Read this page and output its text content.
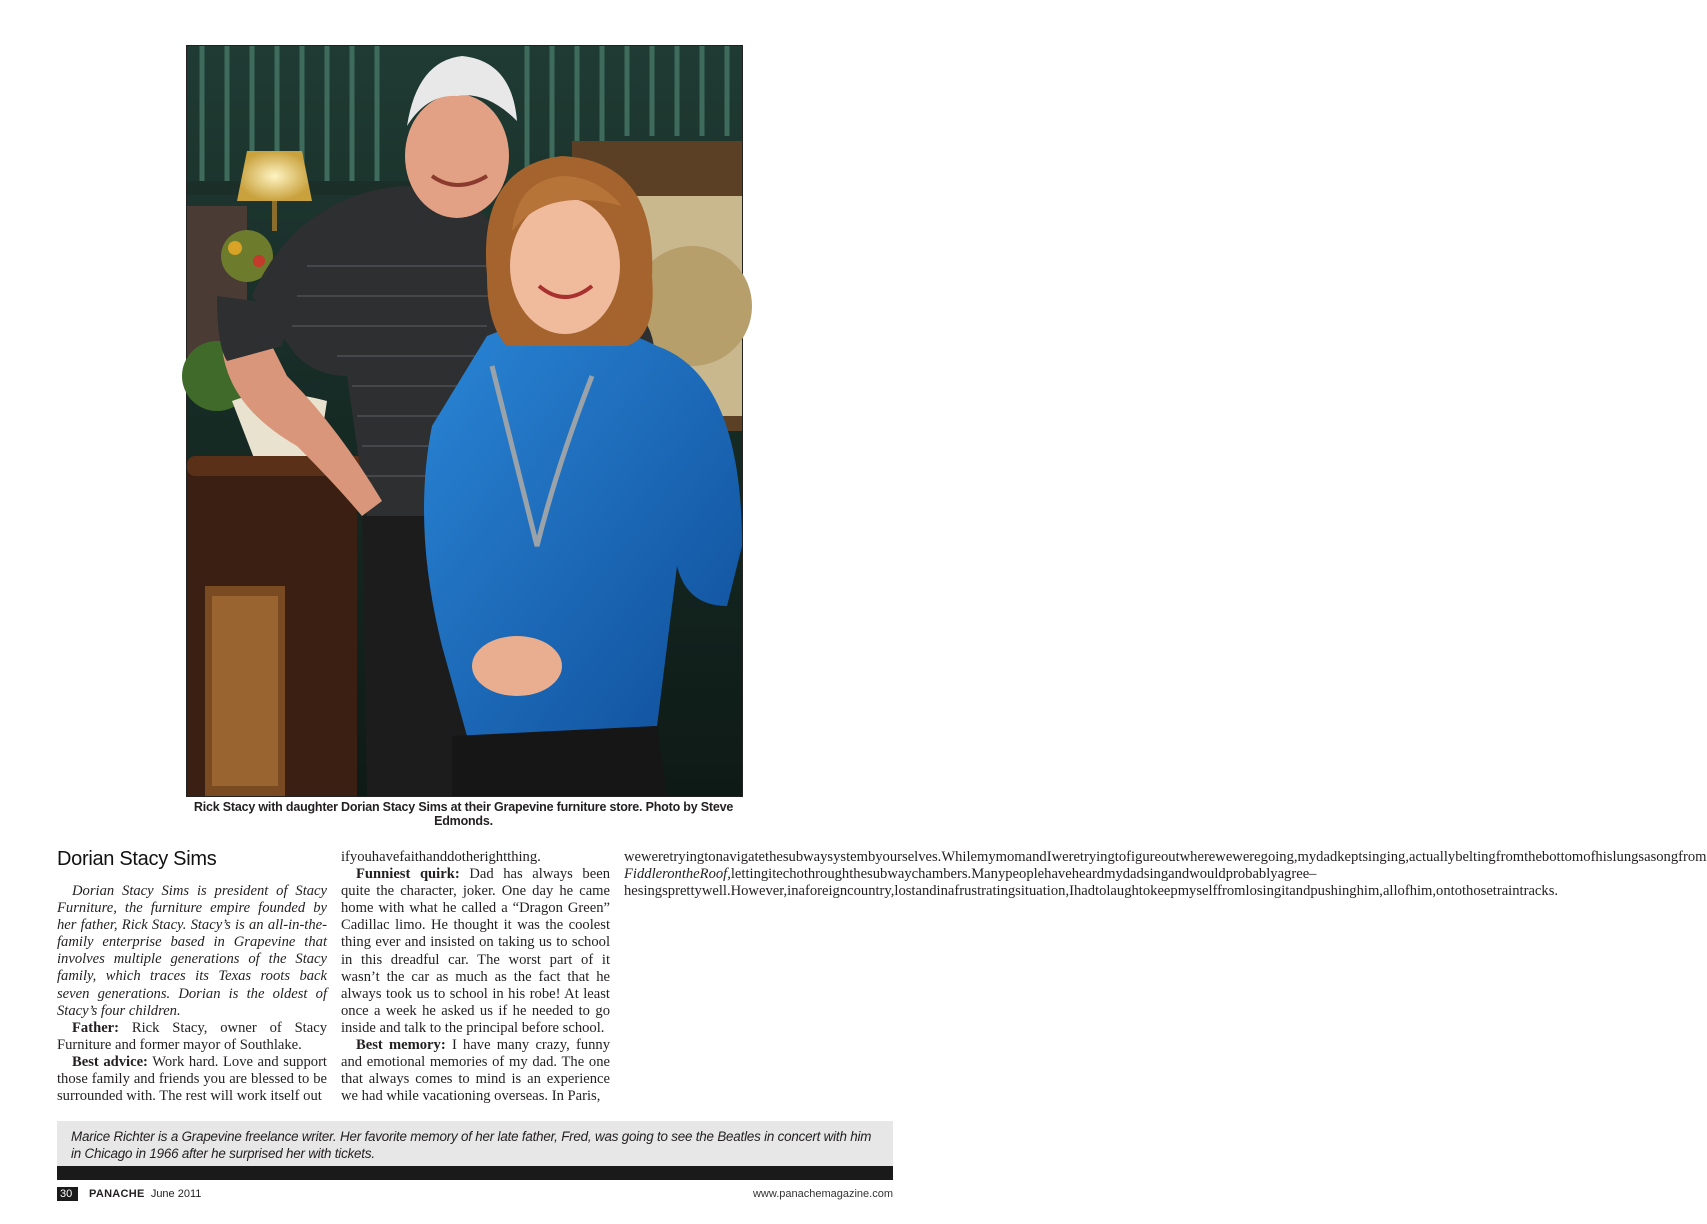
Rick Stacy with daughter Dorian Stacy Sims at their Grapevine furniture store. Photo by Steve Edmonds.
Dorian Stacy Sims

Dorian Stacy Sims is president of Stacy Furniture, the furniture empire founded by her father, Rick Stacy. Stacy’s is an all-in-the-family enterprise based in Grapevine that involves multiple generations of the Stacy family, which traces its Texas roots back seven generations. Dorian is the oldest of Stacy’s four children.

Father: Rick Stacy, owner of Stacy Furniture and former mayor of Southlake.

Best advice: Work hard. Love and support those family and friends you are blessed to be surrounded with. The rest will work itself out

ifyouhavefaithanddotherightthing.

Funniest quirk: Dad has always been quite the character, joker. One day he came home with what he called a “Dragon Green” Cadillac limo. He thought it was the coolest thing ever and insisted on taking us to school in this dreadful car. The worst part of it wasn’t the car as much as the fact that he always took us to school in his robe! At least once a week he asked us if he needed to go inside and talk to the principal before school.

Best memory: I have many crazy, funny and emotional memories of my dad. The one that always comes to mind is an experience we had while vacationing overseas. In Paris,

weweretryingtonavigatethesubwaysystembyourselves.WhilemymomandIweretryingtofigureoutwhereweweregoing,mydadkeptsinging,actuallybeltingfromthebottomofhislungsasongfrom FiddlerontheRoof,lettingitechothroughthesubwaychambers.Manypeoplehaveheardmydadsingandwouldprobablyagree–hesingsprettywell.However,inaforeigncountry,lostandinafrustratingsituation,Ihadtolaughtokeepmyselffromlosingitandpushinghim,allofhim,ontothosetraintracks.

Marice Richter is a Grapevine freelance writer. Her favorite memory of her late father, Fred, was going to see the Beatles in concert with him in Chicago in 1966 after he surprised her with tickets.
30	PANACHE June 2011	www.panachemagazine.com
